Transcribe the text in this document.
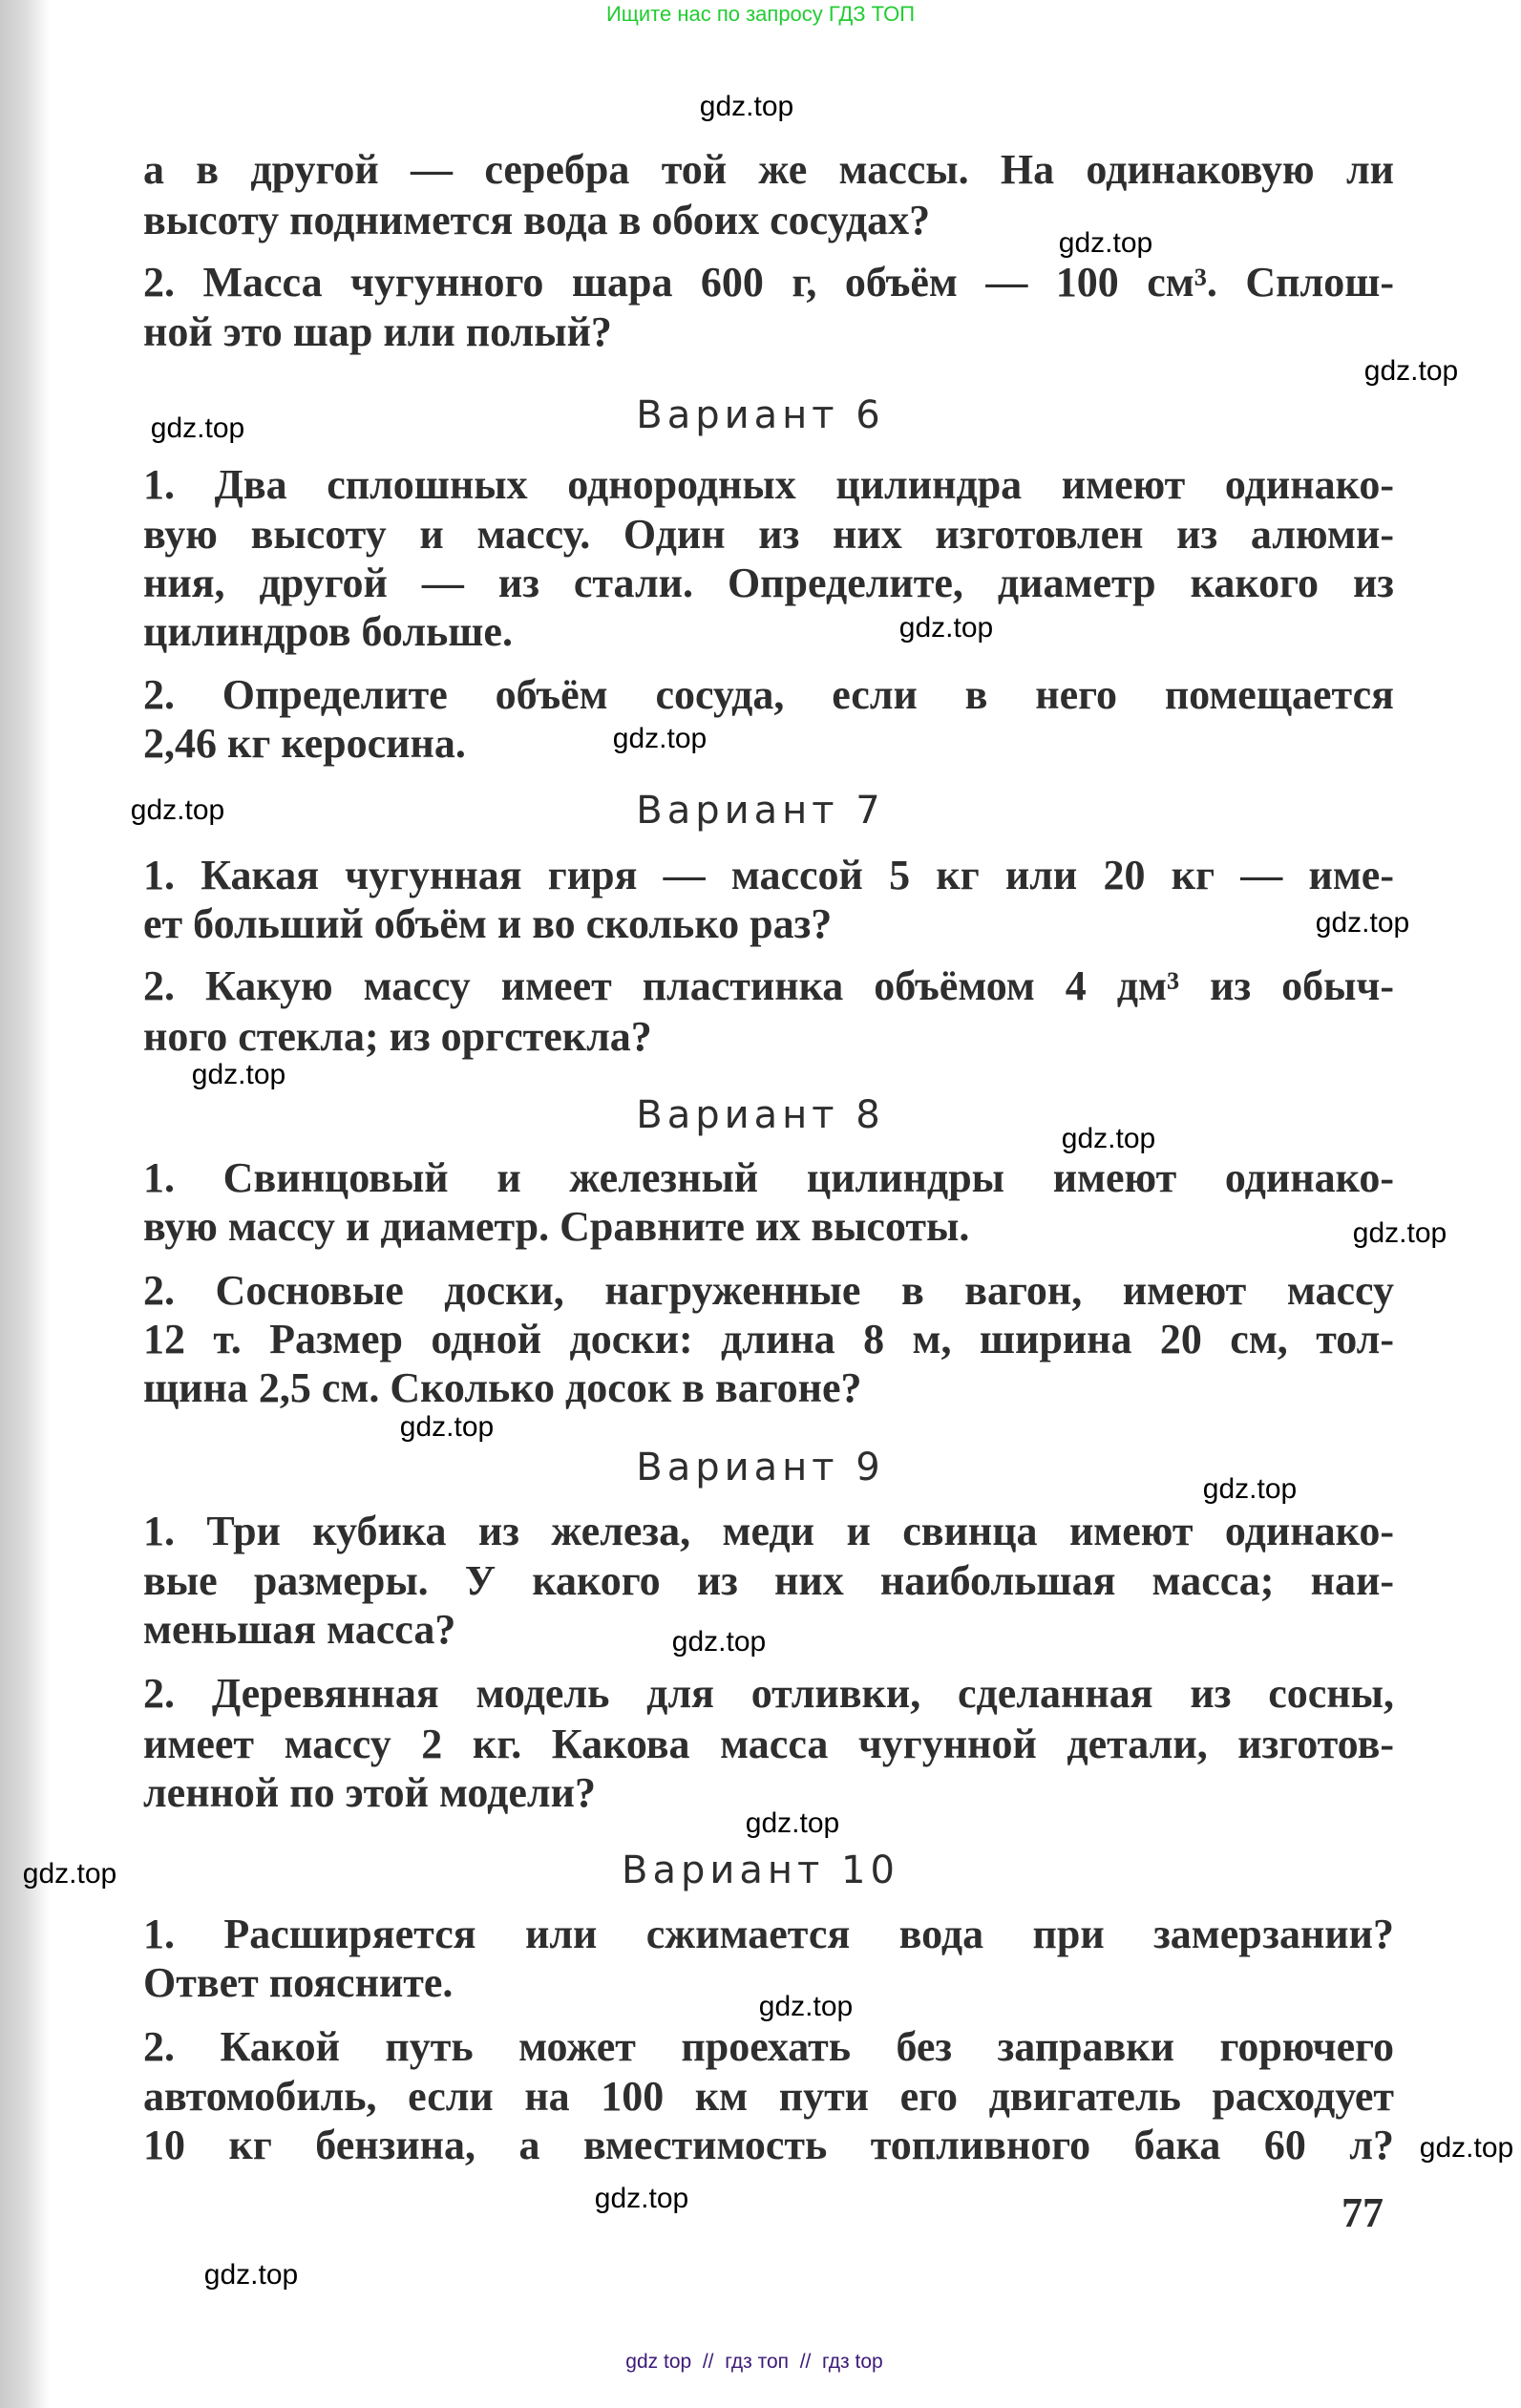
Ищите нас по запросу ГДЗ ТОП
а в другой — серебра той же массы. На одинаковую ли
высоту поднимется вода в обоих сосудах?
2. Масса чугунного шара 600 г, объём — 100 см³. Сплош-
ной это шар или полый?
1. Два сплошных однородных цилиндра имеют одинако-
вую высоту и массу. Один из них изготовлен из алюми-
ния, другой — из стали. Определите, диаметр какого из
цилиндров больше.
2. Определите объём сосуда, если в него помещается
2,46 кг керосина.
1. Какая чугунная гиря — массой 5 кг или 20 кг — име-
ет больший объём и во сколько раз?
2. Какую массу имеет пластинка объёмом 4 дм³ из обыч-
ного стекла; из оргстекла?
1. Свинцовый и железный цилиндры имеют одинако-
вую массу и диаметр. Сравните их высоты.
2. Сосновые доски, нагруженные в вагон, имеют массу
12 т. Размер одной доски: длина 8 м, ширина 20 см, тол-
щина 2,5 см. Сколько досок в вагоне?
1. Три кубика из железа, меди и свинца имеют одинако-
вые размеры. У какого из них наибольшая масса; наи-
меньшая масса?
2. Деревянная модель для отливки, сделанная из сосны,
имеет массу 2 кг. Какова масса чугунной детали, изготов-
ленной по этой модели?
1. Расширяется или сжимается вода при замерзании?
Ответ поясните.
2. Какой путь может проехать без заправки горючего
автомобиль, если на 100 км пути его двигатель расходует
10 кг бензина, а вместимость топливного бака 60 л?
Вариант 6
Вариант 7
Вариант 8
Вариант 9
Вариант 10
77
gdz.top
gdz.top
gdz.top
gdz.top
gdz.top
gdz.top
gdz.top
gdz.top
gdz.top
gdz.top
gdz.top
gdz.top
gdz.top
gdz.top
gdz.top
gdz.top
gdz.top
gdz.top
gdz.top
gdz.top
gdz top  //  гдз топ  //  гдз top
